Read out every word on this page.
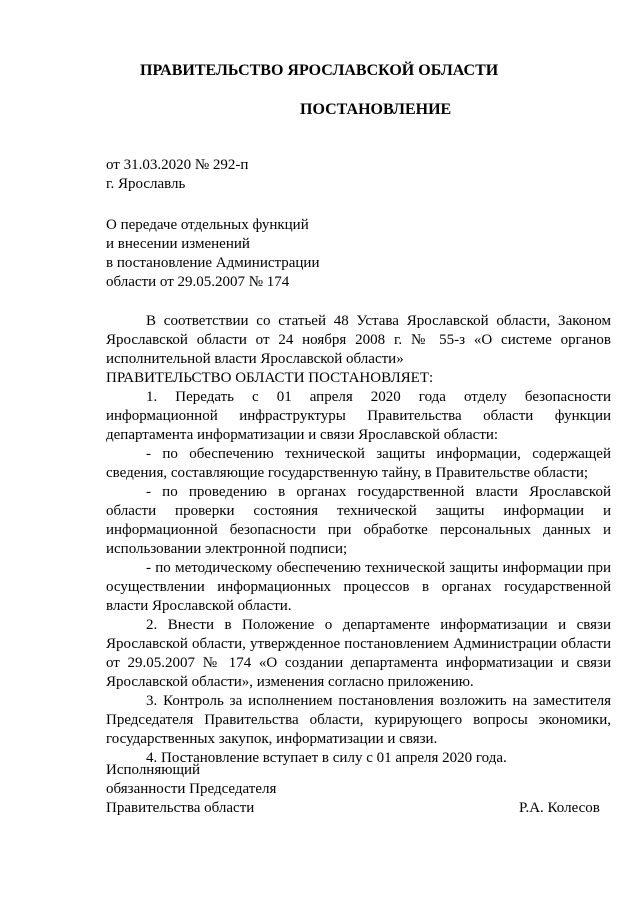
ПРАВИТЕЛЬСТВО ЯРОСЛАВСКОЙ ОБЛАСТИ
ПОСТАНОВЛЕНИЕ
от 31.03.2020 № 292-п
г. Ярославль
О передаче отдельных функций
и внесении изменений
в постановление Администрации
области от 29.05.2007 № 174

В соответствии со статьей 48 Устава Ярославской области, Законом Ярославской области от 24 ноября 2008 г. № 55-з «О системе органов исполнительной власти Ярославской области»

ПРАВИТЕЛЬСТВО ОБЛАСТИ ПОСТАНОВЛЯЕТ:

1. Передать с 01 апреля 2020 года отделу безопасности информационной инфраструктуры Правительства области функции департамента информатизации и связи Ярославской области:

- по обеспечению технической защиты информации, содержащей сведения, составляющие государственную тайну, в Правительстве области;

- по проведению в органах государственной власти Ярославской области проверки состояния технической защиты информации и информационной безопасности при обработке персональных данных и использовании электронной подписи;

- по методическому обеспечению технической защиты информации при осуществлении информационных процессов в органах государственной власти Ярославской области.

2. Внести в Положение о департаменте информатизации и связи Ярославской области, утвержденное постановлением Администрации области от 29.05.2007 № 174 «О создании департамента информатизации и связи Ярославской области», изменения согласно приложению.

3. Контроль за исполнением постановления возложить на заместителя Председателя Правительства области, курирующего вопросы экономики, государственных закупок, информатизации и связи.

4. Постановление вступает в силу с 01 апреля 2020 года.

Исполняющий
обязанности Председателя
Правительства области	Р.А. Колесов
